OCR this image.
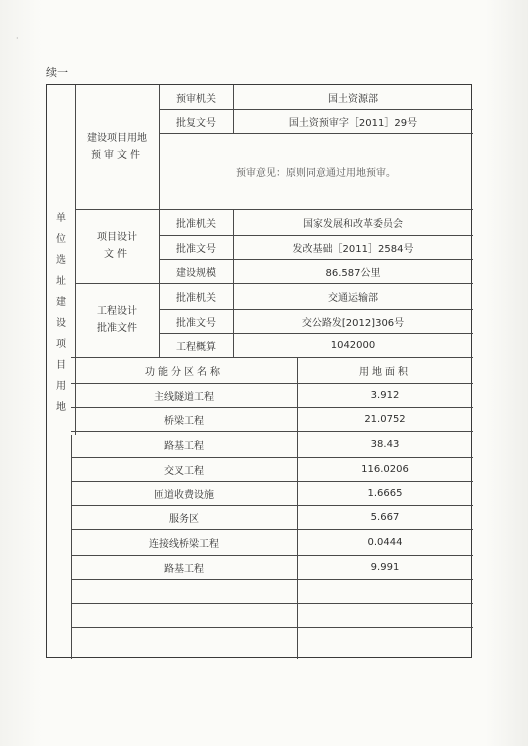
·
续一
单
位
选
址
建
设
项
目
用
地
建设项目用地
预审文件
预审机关	国土资源部
批复文号	国土资预审字［2011］29号
预审意见：原则同意通过用地预审。
项目设计
文件
批准机关	国家发展和改革委员会
批准文号	发改基础［2011］2584号
建设规模	86.587公里
工程设计
批准文件
批准机关	交通运输部
批准文号	交公路发[2012]306号
工程概算	1042000
功能分区名称	用地面积
主线隧道工程	3.912
桥梁工程	21.0752
路基工程	38.43
交叉工程	116.0206
匝道收费设施	1.6665
服务区	5.667
连接线桥梁工程	0.0444
路基工程	9.991
